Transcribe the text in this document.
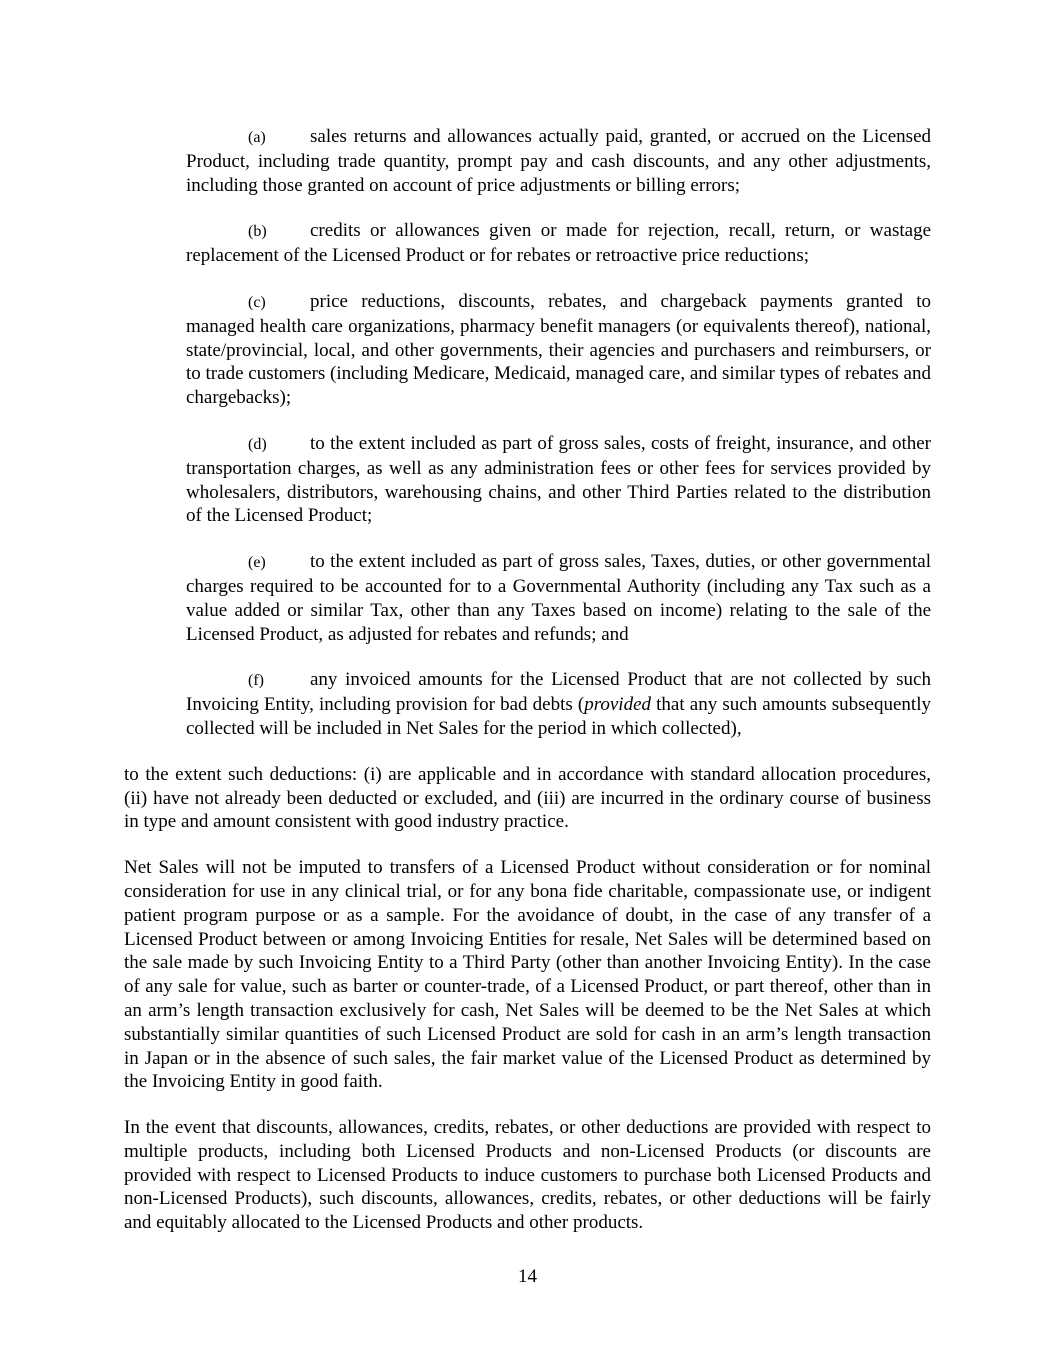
(a) sales returns and allowances actually paid, granted, or accrued on the Licensed Product, including trade quantity, prompt pay and cash discounts, and any other adjustments, including those granted on account of price adjustments or billing errors;

(b) credits or allowances given or made for rejection, recall, return, or wastage replacement of the Licensed Product or for rebates or retroactive price reductions;

(c) price reductions, discounts, rebates, and chargeback payments granted to managed health care organizations, pharmacy benefit managers (or equivalents thereof), national, state/provincial, local, and other governments, their agencies and purchasers and reimbursers, or to trade customers (including Medicare, Medicaid, managed care, and similar types of rebates and chargebacks);

(d) to the extent included as part of gross sales, costs of freight, insurance, and other transportation charges, as well as any administration fees or other fees for services provided by wholesalers, distributors, warehousing chains, and other Third Parties related to the distribution of the Licensed Product;

(e) to the extent included as part of gross sales, Taxes, duties, or other governmental charges required to be accounted for to a Governmental Authority (including any Tax such as a value added or similar Tax, other than any Taxes based on income) relating to the sale of the Licensed Product, as adjusted for rebates and refunds; and

(f) any invoiced amounts for the Licensed Product that are not collected by such Invoicing Entity, including provision for bad debts (provided that any such amounts subsequently collected will be included in Net Sales for the period in which collected),

to the extent such deductions: (i) are applicable and in accordance with standard allocation procedures, (ii) have not already been deducted or excluded, and (iii) are incurred in the ordinary course of business in type and amount consistent with good industry practice.

Net Sales will not be imputed to transfers of a Licensed Product without consideration or for nominal consideration for use in any clinical trial, or for any bona fide charitable, compassionate use, or indigent patient program purpose or as a sample. For the avoidance of doubt, in the case of any transfer of a Licensed Product between or among Invoicing Entities for resale, Net Sales will be determined based on the sale made by such Invoicing Entity to a Third Party (other than another Invoicing Entity). In the case of any sale for value, such as barter or counter-trade, of a Licensed Product, or part thereof, other than in an arm’s length transaction exclusively for cash, Net Sales will be deemed to be the Net Sales at which substantially similar quantities of such Licensed Product are sold for cash in an arm’s length transaction in Japan or in the absence of such sales, the fair market value of the Licensed Product as determined by the Invoicing Entity in good faith.

In the event that discounts, allowances, credits, rebates, or other deductions are provided with respect to multiple products, including both Licensed Products and non-Licensed Products (or discounts are provided with respect to Licensed Products to induce customers to purchase both Licensed Products and non-Licensed Products), such discounts, allowances, credits, rebates, or other deductions will be fairly and equitably allocated to the Licensed Products and other products.

14
